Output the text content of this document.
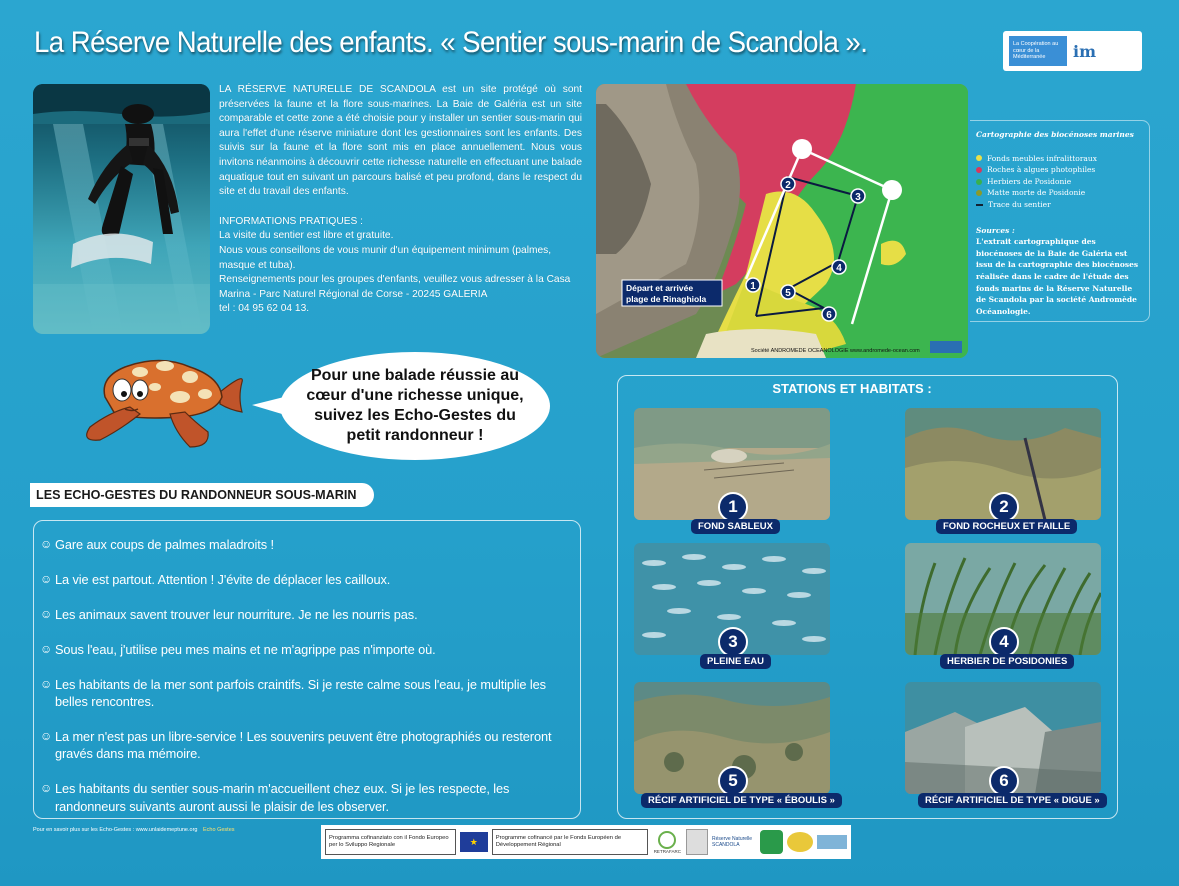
La Réserve Naturelle des enfants. « Sentier sous-marin de Scandola ».	La Coopération au cœur de la Méditerranée	im

LA RÉSERVE NATURELLE DE SCANDOLA est un site protégé où sont préservées la faune et la flore sous-marines. La Baie de Galéria est un site comparable et cette zone a été choisie pour y installer un sentier sous-marin qui aura l'effet d'une réserve miniature dont les gestionnaires sont les enfants. Des suivis sur la faune et la flore sont mis en place annuellement. Nous vous invitons néanmoins à découvrir cette richesse naturelle en effectuant une balade aquatique tout en suivant un parcours balisé et peu profond, dans le respect du site et du travail des enfants.

INFORMATIONS PRATIQUES :

La visite du sentier est libre et gratuite.

Nous vous conseillons de vous munir d'un équipement minimum (palmes, masque et tuba).

Renseignements pour les groupes d'enfants, veuillez vous adresser à la Casa Marina - Parc Naturel Régional de Corse - 20245 GALERIA

tel : 04 95 62 04 13.

1
2
3
4
5
6
Départ et arrivée
plage de Rinaghiola
Société ANDROMEDE OCEANOLOGIE www.andromede-ocean.com
Cartographie des biocénoses marines
Fonds meubles infralittoraux
Roches à algues photophiles
Herbiers de Posidonie
Matte morte de Posidonie
Trace du sentier
Sources :
L'extrait cartographique des biocénoses de la Baie de Galéria est issu de la cartographie des biocénoses réalisée dans le cadre de l'étude des fonds marins de la Réserve Naturelle de Scandola par la société Andromède Océanologie.
Pour une balade réussie au cœur d'une richesse unique, suivez les Echo-Gestes du petit randonneur !
LES ECHO-GESTES DU RANDONNEUR SOUS-MARIN
☺ Gare aux coups de palmes maladroits !
☺ La vie est partout. Attention ! J'évite de déplacer les cailloux.
☺ Les animaux savent trouver leur nourriture. Je ne les nourris pas.
☺ Sous l'eau, j'utilise peu mes mains et ne m'agrippe pas n'importe où.
☺ Les habitants de la mer sont parfois craintifs. Si je reste calme sous l'eau, je multiplie les belles rencontres.
☺ La mer n'est pas un libre-service ! Les souvenirs peuvent être photographiés ou resteront gravés dans ma mémoire.
☺ Les habitants du sentier sous-marin m'accueillent chez eux. Si je les respecte, les randonneurs suivants auront aussi le plaisir de les observer.
STATIONS ET HABITATS :
1
FOND SABLEUX
2
FOND ROCHEUX ET FAILLE
3
PLEINE EAU
4
HERBIER DE POSIDONIES
5
RÉCIF ARTIFICIEL DE TYPE « ÉBOULIS »
6
RÉCIF ARTIFICIEL DE TYPE « DIGUE »
Pour en savoir plus sur les Echo-Gestes : www.unlaidemeptune.org Echo Gestes
Programma cofinanziato con il Fondo Europeo per lo Sviluppo Regionale	★	Programme cofinancé par le Fonds Européen de Développement Régional
RETRAFARC
Réserve Naturelle SCANDOLA
